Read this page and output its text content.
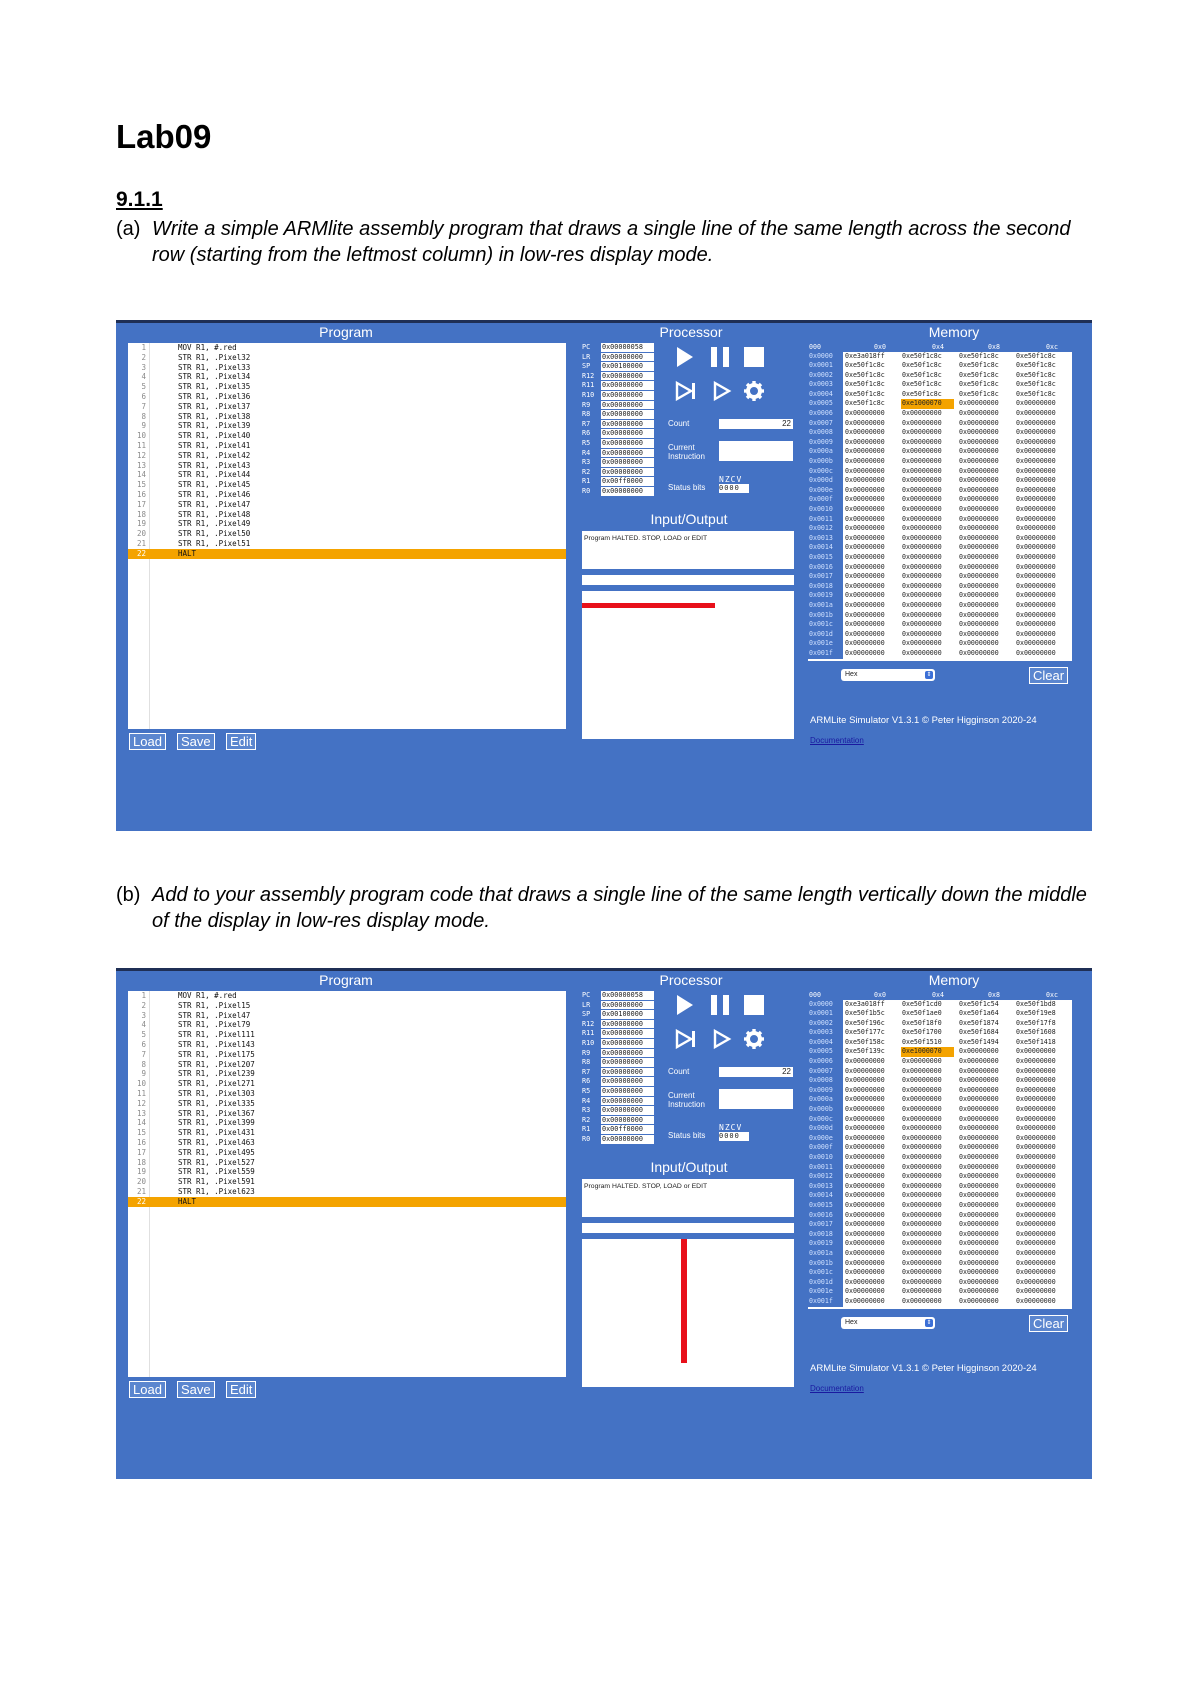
Lab09
9.1.1
(a) Write a simple ARMlite assembly program that draws a single line of the same length across the second row (starting from the leftmost column) in low-res display mode.
(b) Add to your assembly program code that draws a single line of the same length vertically down the middle of the display in low-res display mode.
Program	Processor	Memory
Input/Output
1	MOV R1, #.red
2	STR R1, .Pixel32
3	STR R1, .Pixel33
4	STR R1, .Pixel34
5	STR R1, .Pixel35
6	STR R1, .Pixel36
7	STR R1, .Pixel37
8	STR R1, .Pixel38
9	STR R1, .Pixel39
10	STR R1, .Pixel40
11	STR R1, .Pixel41
12	STR R1, .Pixel42
13	STR R1, .Pixel43
14	STR R1, .Pixel44
15	STR R1, .Pixel45
16	STR R1, .Pixel46
17	STR R1, .Pixel47
18	STR R1, .Pixel48
19	STR R1, .Pixel49
20	STR R1, .Pixel50
21	STR R1, .Pixel51
22	HALT
Load	Save	Edit
PC	0x00000058
LR	0x00000000
SP	0x00100000
R12	0x00000000
R11	0x00000000
R10	0x00000000
R9	0x00000000
R8	0x00000000
R7	0x00000000
R6	0x00000000
R5	0x00000000
R4	0x00000000
R3	0x00000000
R2	0x00000000
R1	0x00ff0000
R0	0x00000000
Count	22
Current Instruction
Status bits
NZCV
0000
Program HALTED. STOP, LOAD or EDIT
000	0x0	0x4	0x8	0xc
0x0000	0xe3a018ff	0xe50f1c8c	0xe50f1c8c	0xe50f1c8c
0x0001	0xe50f1c8c	0xe50f1c8c	0xe50f1c8c	0xe50f1c8c
0x0002	0xe50f1c8c	0xe50f1c8c	0xe50f1c8c	0xe50f1c8c
0x0003	0xe50f1c8c	0xe50f1c8c	0xe50f1c8c	0xe50f1c8c
0x0004	0xe50f1c8c	0xe50f1c8c	0xe50f1c8c	0xe50f1c8c
0x0005	0xe50f1c8c	0xe1000070	0x00000000	0x00000000
0x0006	0x00000000	0x00000000	0x00000000	0x00000000
0x0007	0x00000000	0x00000000	0x00000000	0x00000000
0x0008	0x00000000	0x00000000	0x00000000	0x00000000
0x0009	0x00000000	0x00000000	0x00000000	0x00000000
0x000a	0x00000000	0x00000000	0x00000000	0x00000000
0x000b	0x00000000	0x00000000	0x00000000	0x00000000
0x000c	0x00000000	0x00000000	0x00000000	0x00000000
0x000d	0x00000000	0x00000000	0x00000000	0x00000000
0x000e	0x00000000	0x00000000	0x00000000	0x00000000
0x000f	0x00000000	0x00000000	0x00000000	0x00000000
0x0010	0x00000000	0x00000000	0x00000000	0x00000000
0x0011	0x00000000	0x00000000	0x00000000	0x00000000
0x0012	0x00000000	0x00000000	0x00000000	0x00000000
0x0013	0x00000000	0x00000000	0x00000000	0x00000000
0x0014	0x00000000	0x00000000	0x00000000	0x00000000
0x0015	0x00000000	0x00000000	0x00000000	0x00000000
0x0016	0x00000000	0x00000000	0x00000000	0x00000000
0x0017	0x00000000	0x00000000	0x00000000	0x00000000
0x0018	0x00000000	0x00000000	0x00000000	0x00000000
0x0019	0x00000000	0x00000000	0x00000000	0x00000000
0x001a	0x00000000	0x00000000	0x00000000	0x00000000
0x001b	0x00000000	0x00000000	0x00000000	0x00000000
0x001c	0x00000000	0x00000000	0x00000000	0x00000000
0x001d	0x00000000	0x00000000	0x00000000	0x00000000
0x001e	0x00000000	0x00000000	0x00000000	0x00000000
0x001f	0x00000000	0x00000000	0x00000000	0x00000000
Hex	⇕	Clear
ARMLite Simulator V1.3.1 © Peter Higginson 2020-24
Documentation
Program	Processor	Memory
Input/Output
1	MOV R1, #.red
2	STR R1, .Pixel15
3	STR R1, .Pixel47
4	STR R1, .Pixel79
5	STR R1, .Pixel111
6	STR R1, .Pixel143
7	STR R1, .Pixel175
8	STR R1, .Pixel207
9	STR R1, .Pixel239
10	STR R1, .Pixel271
11	STR R1, .Pixel303
12	STR R1, .Pixel335
13	STR R1, .Pixel367
14	STR R1, .Pixel399
15	STR R1, .Pixel431
16	STR R1, .Pixel463
17	STR R1, .Pixel495
18	STR R1, .Pixel527
19	STR R1, .Pixel559
20	STR R1, .Pixel591
21	STR R1, .Pixel623
22	HALT
Load	Save	Edit
PC	0x00000058
LR	0x00000000
SP	0x00100000
R12	0x00000000
R11	0x00000000
R10	0x00000000
R9	0x00000000
R8	0x00000000
R7	0x00000000
R6	0x00000000
R5	0x00000000
R4	0x00000000
R3	0x00000000
R2	0x00000000
R1	0x00ff0000
R0	0x00000000
Count	22
Current Instruction
Status bits
NZCV
0000
Program HALTED. STOP, LOAD or EDIT
000	0x0	0x4	0x8	0xc
0x0000	0xe3a018ff	0xe50f1cd0	0xe50f1c54	0xe50f1bd8
0x0001	0xe50f1b5c	0xe50f1ae0	0xe50f1a64	0xe50f19e8
0x0002	0xe50f196c	0xe50f18f0	0xe50f1874	0xe50f17f8
0x0003	0xe50f177c	0xe50f1700	0xe50f1684	0xe50f1608
0x0004	0xe50f158c	0xe50f1510	0xe50f1494	0xe50f1418
0x0005	0xe50f139c	0xe1000070	0x00000000	0x00000000
0x0006	0x00000000	0x00000000	0x00000000	0x00000000
0x0007	0x00000000	0x00000000	0x00000000	0x00000000
0x0008	0x00000000	0x00000000	0x00000000	0x00000000
0x0009	0x00000000	0x00000000	0x00000000	0x00000000
0x000a	0x00000000	0x00000000	0x00000000	0x00000000
0x000b	0x00000000	0x00000000	0x00000000	0x00000000
0x000c	0x00000000	0x00000000	0x00000000	0x00000000
0x000d	0x00000000	0x00000000	0x00000000	0x00000000
0x000e	0x00000000	0x00000000	0x00000000	0x00000000
0x000f	0x00000000	0x00000000	0x00000000	0x00000000
0x0010	0x00000000	0x00000000	0x00000000	0x00000000
0x0011	0x00000000	0x00000000	0x00000000	0x00000000
0x0012	0x00000000	0x00000000	0x00000000	0x00000000
0x0013	0x00000000	0x00000000	0x00000000	0x00000000
0x0014	0x00000000	0x00000000	0x00000000	0x00000000
0x0015	0x00000000	0x00000000	0x00000000	0x00000000
0x0016	0x00000000	0x00000000	0x00000000	0x00000000
0x0017	0x00000000	0x00000000	0x00000000	0x00000000
0x0018	0x00000000	0x00000000	0x00000000	0x00000000
0x0019	0x00000000	0x00000000	0x00000000	0x00000000
0x001a	0x00000000	0x00000000	0x00000000	0x00000000
0x001b	0x00000000	0x00000000	0x00000000	0x00000000
0x001c	0x00000000	0x00000000	0x00000000	0x00000000
0x001d	0x00000000	0x00000000	0x00000000	0x00000000
0x001e	0x00000000	0x00000000	0x00000000	0x00000000
0x001f	0x00000000	0x00000000	0x00000000	0x00000000
Hex	⇕	Clear
ARMLite Simulator V1.3.1 © Peter Higginson 2020-24
Documentation
